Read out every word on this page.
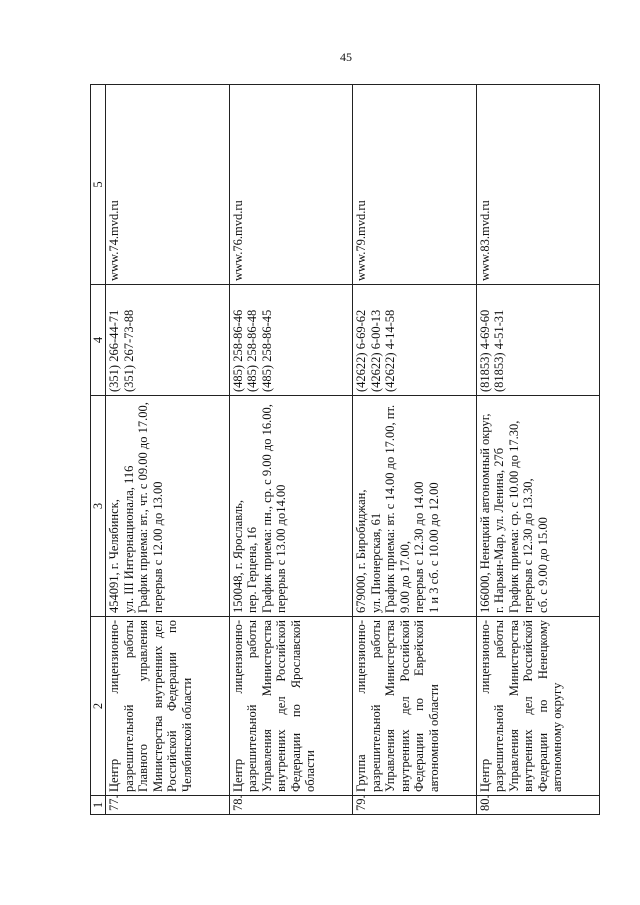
45
1	2	3	4	5
77.	Центр лицензионно-разрешительной работы Главного управления Министерства внутренних дел Российской Федерации по Челябинской области	454091, г. Челябинск, ул. III Интернационала, 116 График приема: вт., чт. с 09.00 до 17.00, перерыв с 12.00 до 13.00	(351) 266-44-71 (351) 267-73-88	www.74.mvd.ru
78.	Центр лицензионно-разрешительной работы Управления Министерства внутренних дел Российской Федерации по Ярославской области	150048, г. Ярославль, пер. Герцена, 16 График приема: пн., ср. с 9.00 до 16.00, перерыв с 13.00 до14.00	(485) 258-86-46 (485) 258-86-48 (485) 258-86-45	www.76.mvd.ru
79.	Группа лицензионно-разрешительной работы Управления Министерства внутренних дел Российской Федерации по Еврейской автономной области	679000, г. Биробиджан, ул. Пионерская, 61 График приема: вт. с 14.00 до 17.00, пт. 9.00 до 17.00, перерыв с 12.30 до 14.00 1 и 3 сб. с 10.00 до 12.00	(42622) 6-69-62 (42622) 6-00-13 (42622) 4-14-58	www.79.mvd.ru
80.	Центр лицензионно-разрешительной работы Управления Министерства внутренних дел Российской Федерации по Ненецкому автономному округу	166000, Ненецкий автономный округ, г. Нарьян-Мар, ул. Ленина, 27б График приема: ср. с 10.00 до 17.30, перерыв с 12.30 до 13.30, сб. с 9.00 до 15.00	(81853) 4-69-60 (81853) 4-51-31	www.83.mvd.ru
